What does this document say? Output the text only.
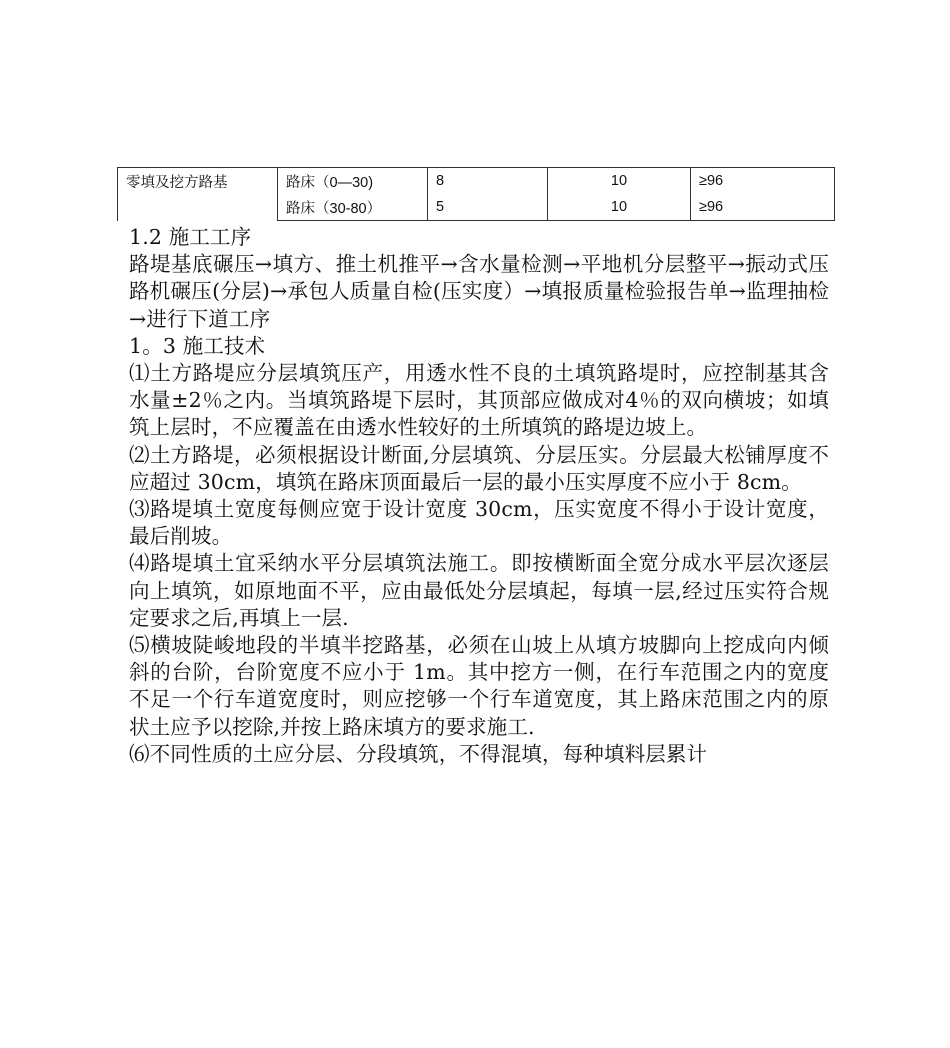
零填及挖方路基	路床（0—30)	8	10	≥96
	路床（30-80）	5	10	≥96

1.2 施工工序

路堤基底碾压→填方、推土机推平→含水量检测→平地机分层整平→振动式压路机碾压(分层)→承包人质量自检(压实度）→填报质量检验报告单→监理抽检→进行下道工序

1。3 施工技术

⑴土方路堤应分层填筑压产，用透水性不良的土填筑路堤时，应控制基其含水量±2％之内。当填筑路堤下层时，其顶部应做成对4％的双向横坡；如填筑上层时，不应覆盖在由透水性较好的土所填筑的路堤边坡上。

⑵土方路堤，必须根据设计断面,分层填筑、分层压实。分层最大松铺厚度不应超过 30cm，填筑在路床顶面最后一层的最小压实厚度不应小于 8cm。

⑶路堤填土宽度每侧应宽于设计宽度 30cm，压实宽度不得小于设计宽度，最后削坡。

⑷路堤填土宜采纳水平分层填筑法施工。即按横断面全宽分成水平层次逐层向上填筑，如原地面不平，应由最低处分层填起，每填一层,经过压实符合规定要求之后,再填上一层.

⑸横坡陡峻地段的半填半挖路基，必须在山坡上从填方坡脚向上挖成向内倾斜的台阶，台阶宽度不应小于 1m。其中挖方一侧，在行车范围之内的宽度不足一个行车道宽度时，则应挖够一个行车道宽度，其上路床范围之内的原状土应予以挖除,并按上路床填方的要求施工.

⑹不同性质的土应分层、分段填筑，不得混填，每种填料层累计
